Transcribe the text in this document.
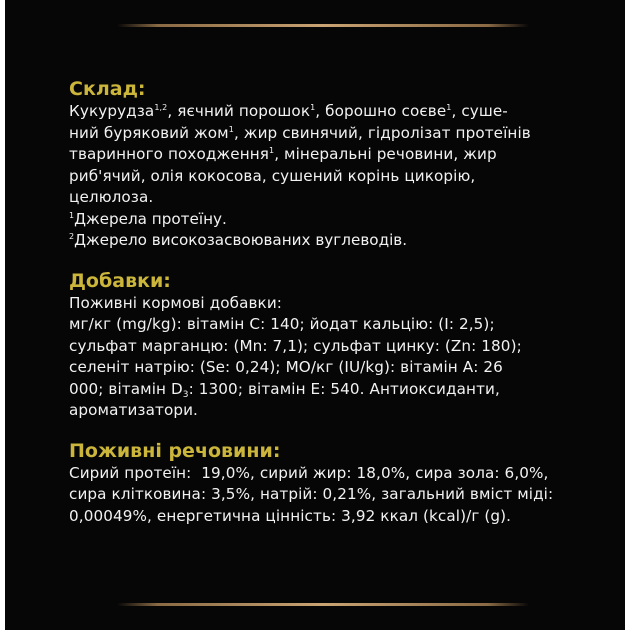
Склад:
Кукурудза$^{1,2}$, яєчний порошок$^1$, борошно соєве$^1$, суше-
ний буряковий жом$^1$, жир свинячий, гідролізат протеїнів
тваринного походження$^1$, мінеральні речовини, жир
риб'ячий, олія кокосова, сушений корінь цикорію,
целюлоза.
$^1$Джерела протеїну.
$^2$Джерело високозасвоюваних вуглеводів.
Добавки:
Поживні кормові добавки:
мг/кг (mg/kg): вітамін С: 140; йодат кальцію: (І: 2,5);
сульфат марганцю: (Mn: 7,1); сульфат цинку: (Zn: 180);
селеніт натрію: (Se: 0,24); МО/кг (IU/kg): вітамін А: 26
000; вітамін $D_3$: 1300; вітамін Е: 540. Антиоксиданти,
ароматизатори.
Поживні речовини:
Сирий протеїн:  19,0%, сирий жир: 18,0%, сира зола: 6,0%,
сира клітковина: 3,5%, натрій: 0,21%, загальний вміст міді:
0,00049%, енергетична цінність: 3,92 ккал (kcal)/г (g).
